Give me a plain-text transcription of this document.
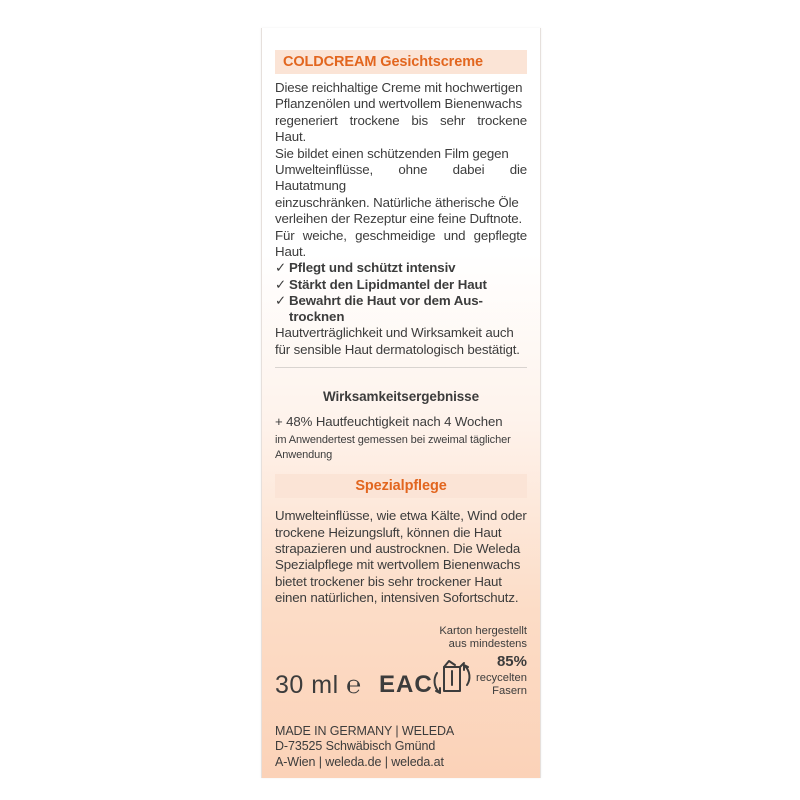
COLDCREAM Gesichtscreme
Diese reichhaltige Creme mit hochwertigen
Pflanzenölen und wertvollem Bienenwachs
regeneriert trockene bis sehr trockene Haut.
Sie bildet einen schützenden Film gegen
Umwelteinflüsse, ohne dabei die Hautatmung
einzuschränken. Natürliche ätherische Öle
verleihen der Rezeptur eine feine Duftnote.
Für weiche, geschmeidige und gepflegte Haut.
✓ Pflegt und schützt intensiv
✓ Stärkt den Lipidmantel der Haut
✓ Bewahrt die Haut vor dem Aus-
trocknen
Hautverträglichkeit und Wirksamkeit auch
für sensible Haut dermatologisch bestätigt.
Wirksamkeitsergebnisse
+ 48% Hautfeuchtigkeit nach 4 Wochen
im Anwendertest gemessen bei zweimal täglicher
Anwendung
Spezialpflege
Umwelteinflüsse, wie etwa Kälte, Wind oder
trockene Heizungsluft, können die Haut
strapazieren und austrocknen. Die Weleda
Spezialpflege mit wertvollem Bienenwachs
bietet trockener bis sehr trockener Haut
einen natürlichen, intensiven Sofortschutz.
30 ml ℮ EAC
Karton hergestellt
aus mindestens
85%
recycelten
Fasern
MADE IN GERMANY | WELEDA
D-73525 Schwäbisch Gmünd
A-Wien | weleda.de | weleda.at
